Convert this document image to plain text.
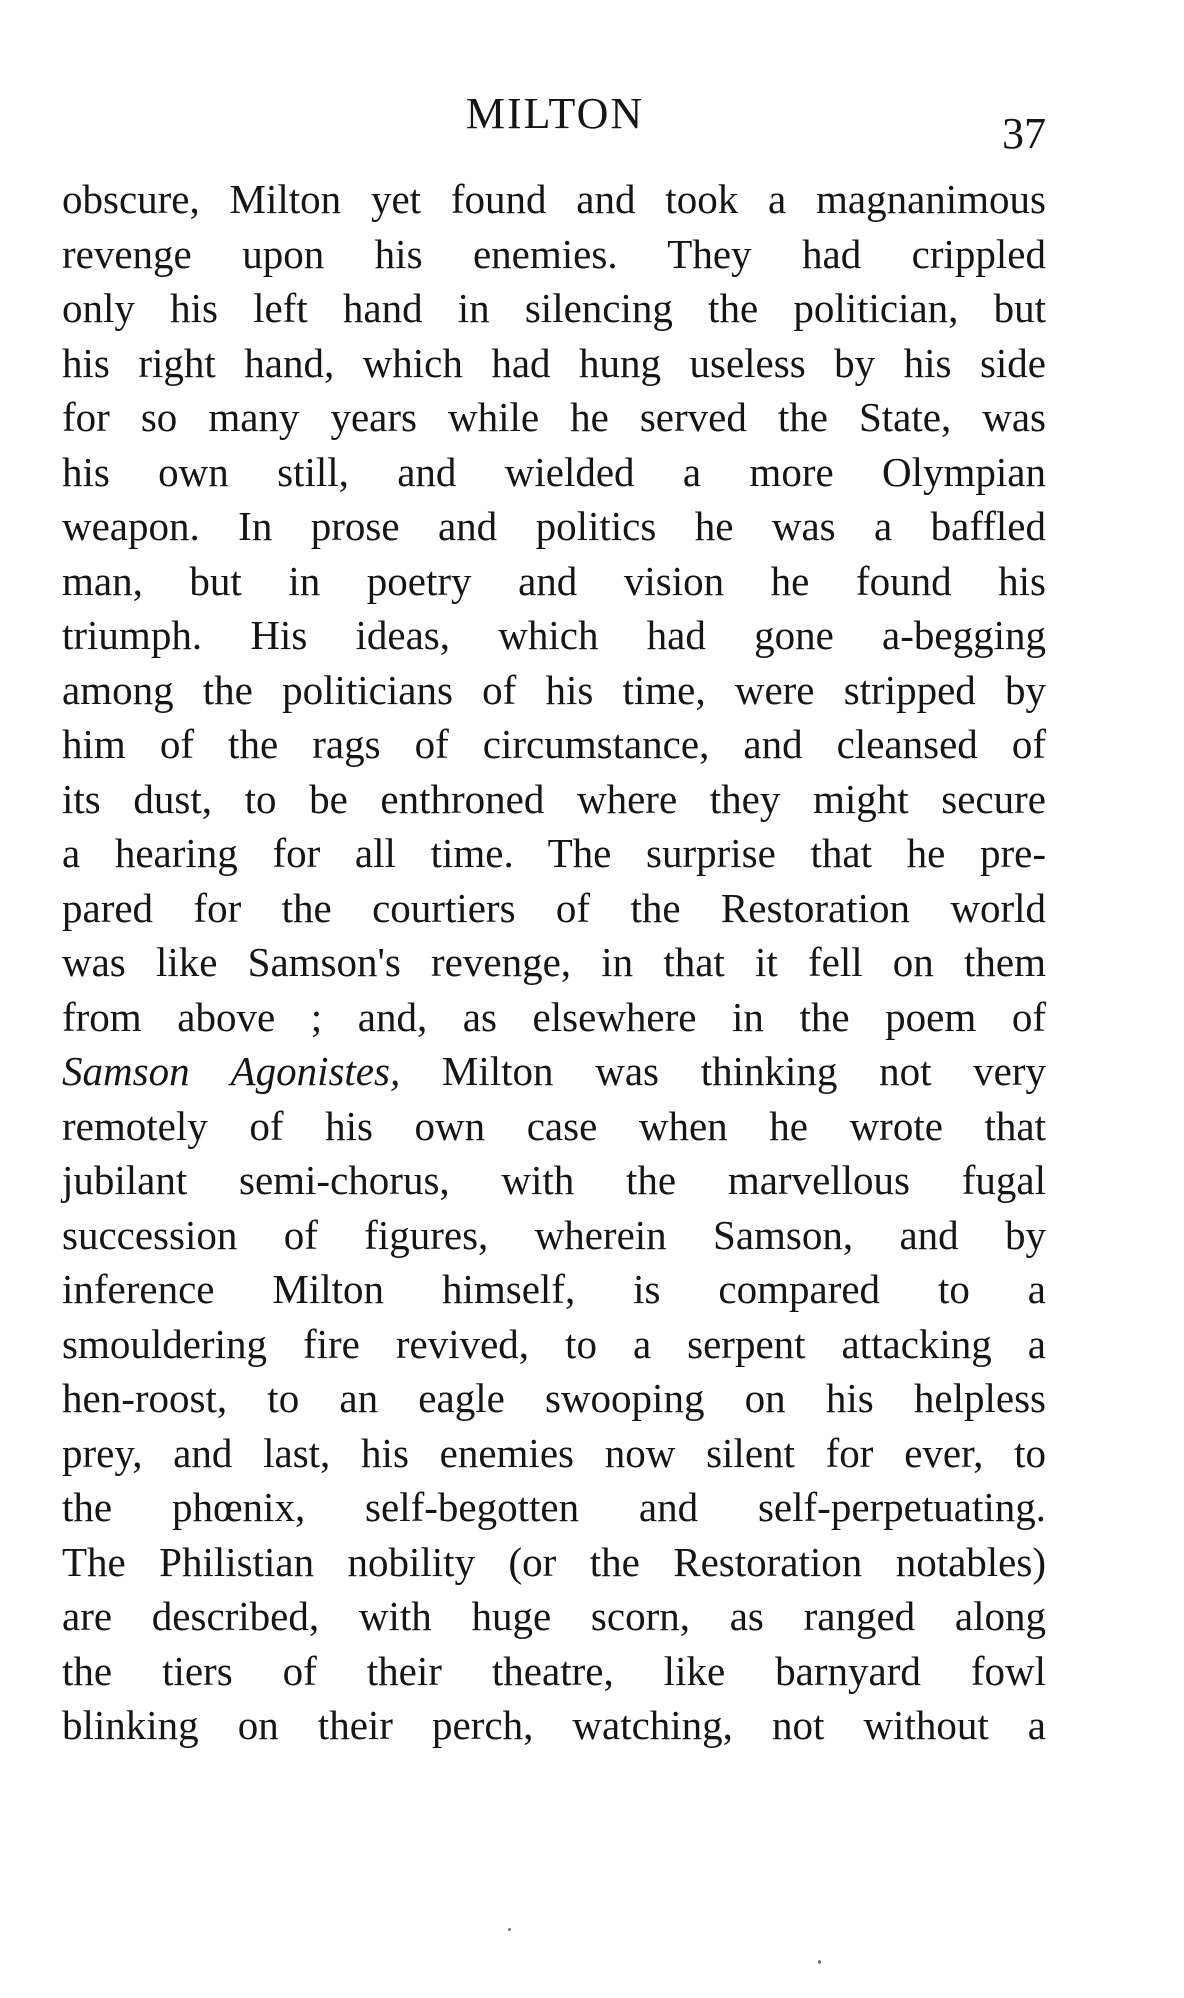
MILTON	37
obscure, Milton yet found and took a magnanimous
revenge upon his enemies. They had crippled
only his left hand in silencing the politician, but
his right hand, which had hung useless by his side
for so many years while he served the State, was
his own still, and wielded a more Olympian
weapon. In prose and politics he was a baffled
man, but in poetry and vision he found his
triumph. His ideas, which had gone a-begging
among the politicians of his time, were stripped by
him of the rags of circumstance, and cleansed of
its dust, to be enthroned where they might secure
a hearing for all time. The surprise that he pre-
pared for the courtiers of the Restoration world
was like Samson's revenge, in that it fell on them
from above ; and, as elsewhere in the poem of
Samson Agonistes, Milton was thinking not very
remotely of his own case when he wrote that
jubilant semi-chorus, with the marvellous fugal
succession of figures, wherein Samson, and by
inference Milton himself, is compared to a
smouldering fire revived, to a serpent attacking a
hen-roost, to an eagle swooping on his helpless
prey, and last, his enemies now silent for ever, to
the phœnix, self-begotten and self-perpetuating.
The Philistian nobility (or the Restoration notables)
are described, with huge scorn, as ranged along
the tiers of their theatre, like barnyard fowl
blinking on their perch, watching, not without a
